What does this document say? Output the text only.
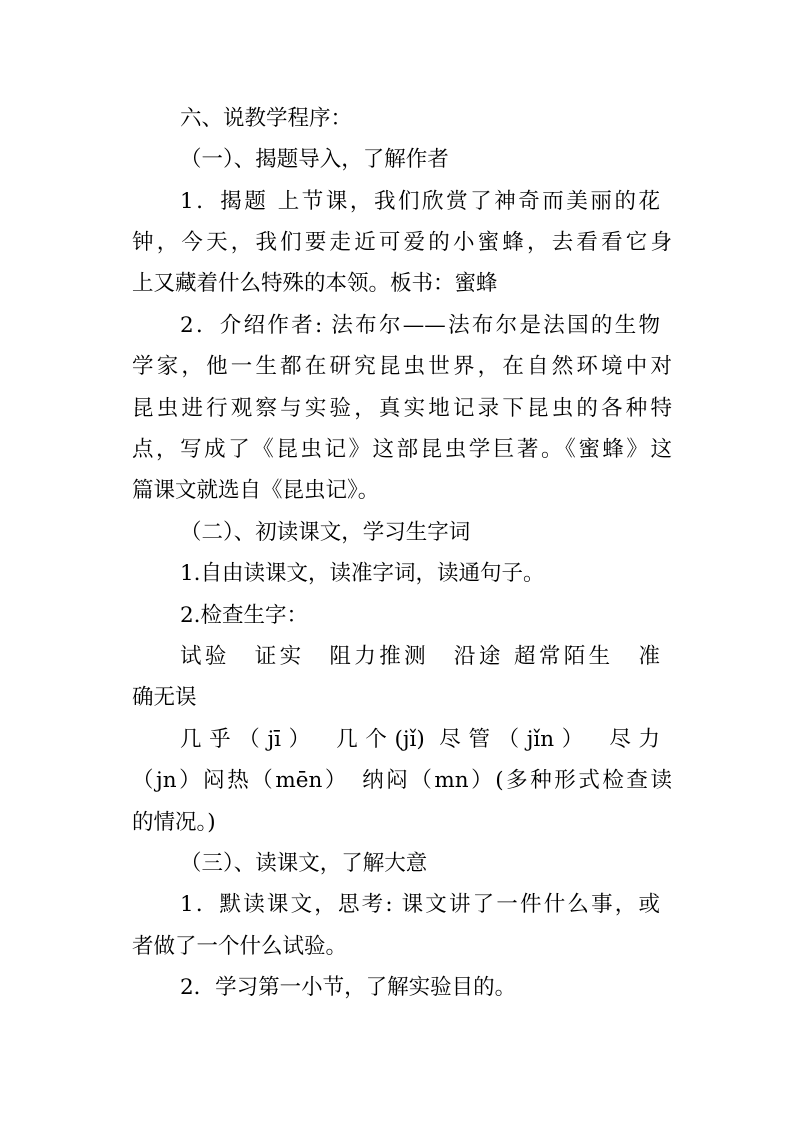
六、说教学程序：
（一）、揭题导入，了解作者
1．揭题 上节课，我们欣赏了神奇而美丽的花
钟，今天，我们要走近可爱的小蜜蜂，去看看它身
上又藏着什么特殊的本领。板书：蜜蜂
2．介绍作者: 法布尔——法布尔是法国的生物
学家，他一生都在研究昆虫世界，在自然环境中对
昆虫进行观察与实验，真实地记录下昆虫的各种特
点，写成了《昆虫记》这部昆虫学巨著。《蜜蜂》这
篇课文就选自《昆虫记》。
（二）、初读课文，学习生字词
1.自由读课文，读准字词，读通句子。
2.检查生字：
试验　证实　阻力推测　沿途 超常陌生　准
确无误
几乎（jī）　几个(jǐ) 尽管（jǐn）　尽力
（jn）闷热（mēn）　纳闷（mn）(多种形式检查读
的情况。)
（三）、读课文，了解大意
1．默读课文，思考: 课文讲了一件什么事，或
者做了一个什么试验。
2．学习第一小节，了解实验目的。
